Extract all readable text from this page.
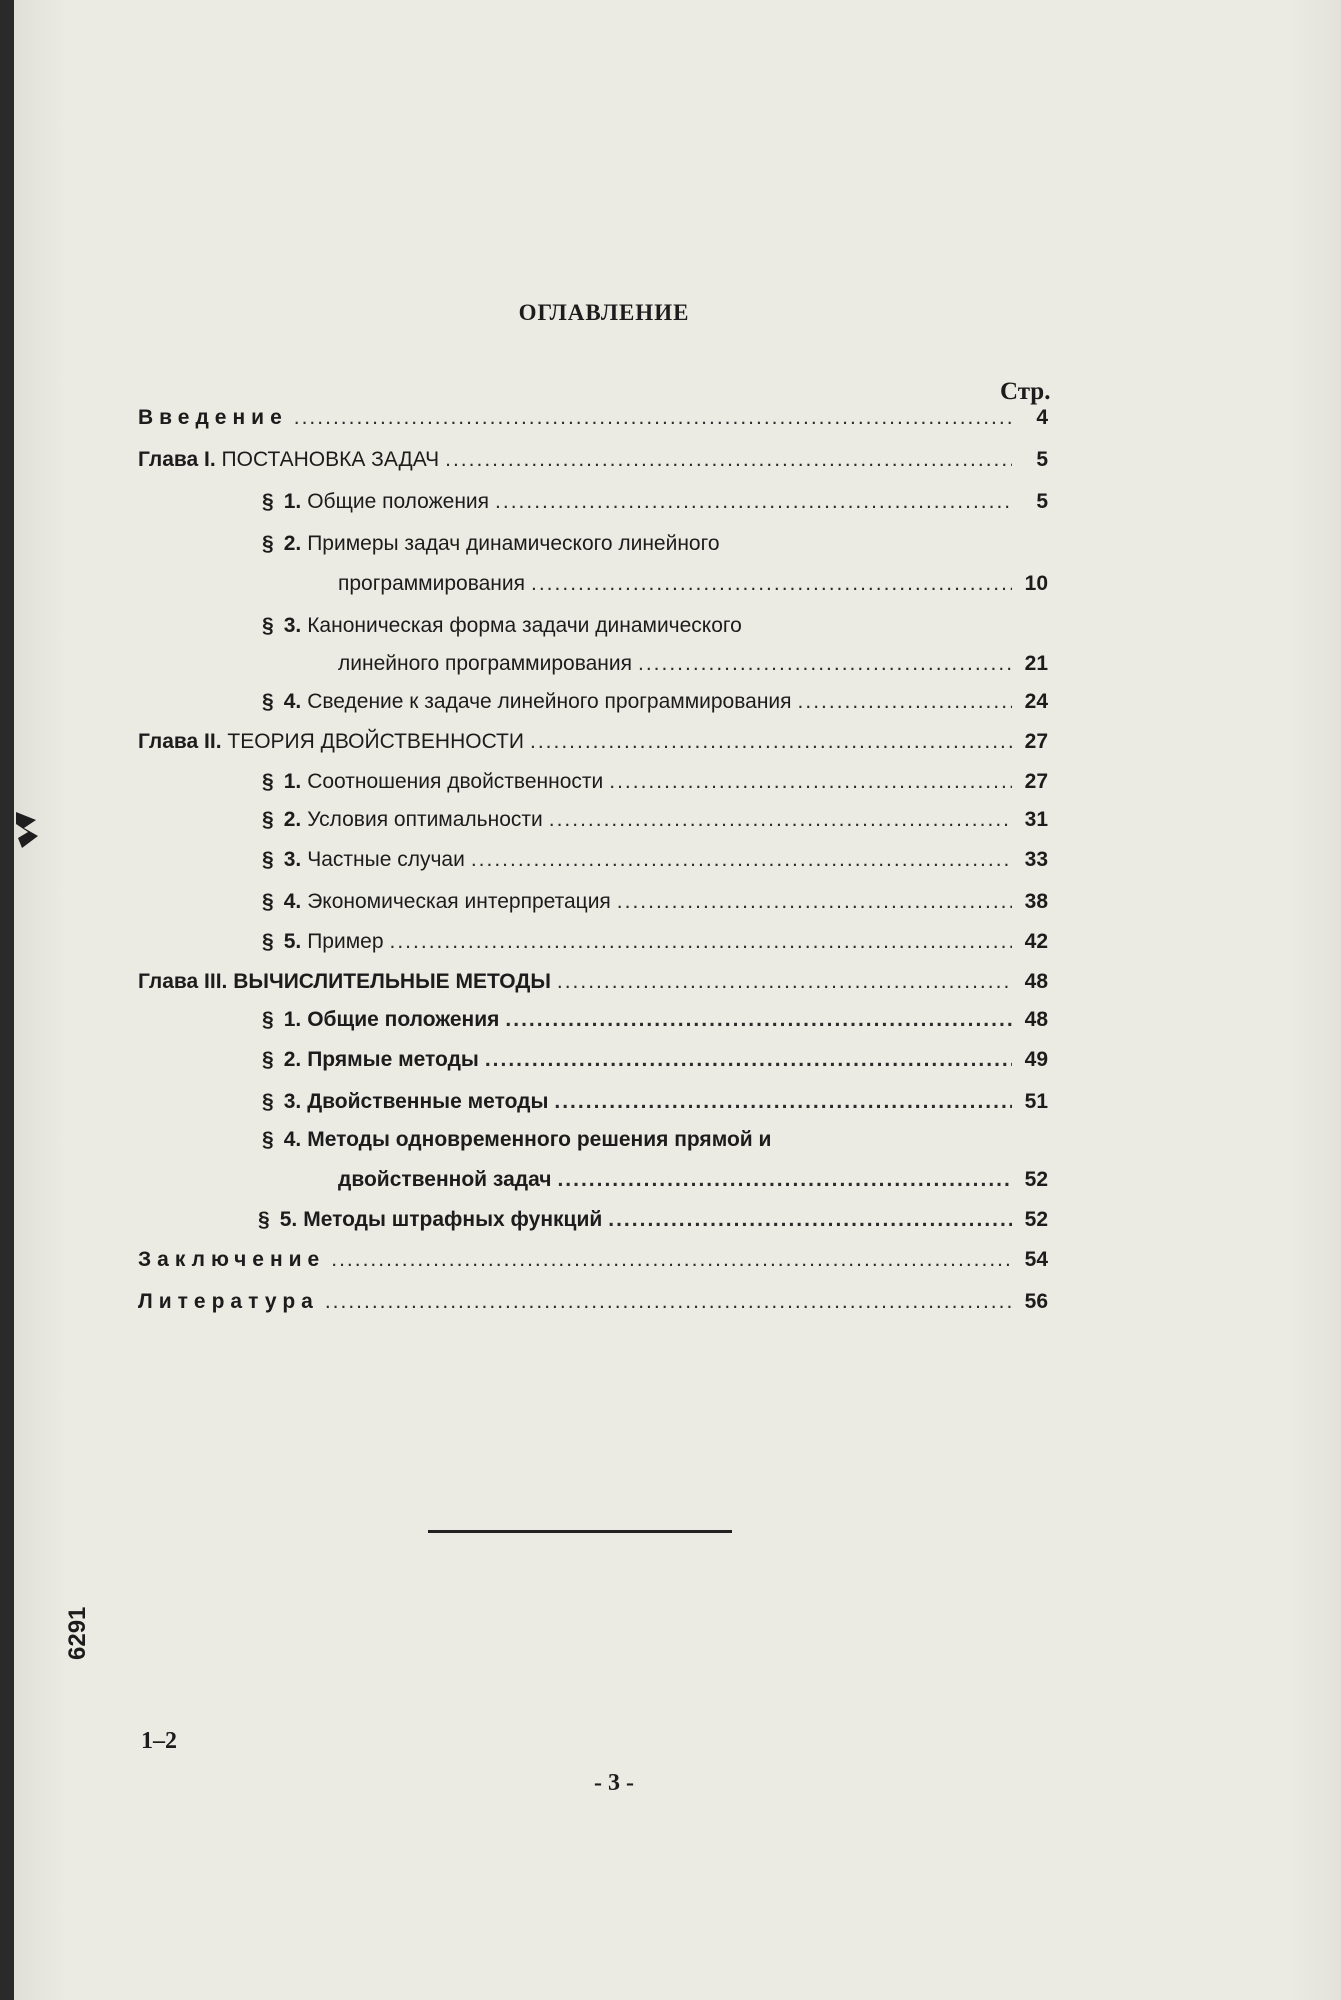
ОГЛАВЛЕНИЕ
Стр.
Введение .....	4
Глава I. ПОСТАНОВКА ЗАДАЧ .....	5
§ 1. Общие положения .....	5
§ 2. Примеры задач динамического линейного
программирования .....	10
§ 3. Каноническая форма задачи динамического
линейного программирования .....	21
§ 4. Сведение к задаче линейного программирования .....	24
Глава II. ТЕОРИЯ ДВОЙСТВЕННОСТИ .....	27
§ 1. Соотношения двойственности .....	27
§ 2. Условия оптимальности .....	31
§ 3. Частные случаи .....	33
§ 4. Экономическая интерпретация .....	38
§ 5. Пример .....	42
Глава III. ВЫЧИСЛИТЕЛЬНЫЕ МЕТОДЫ .....	48
§ 1. Общие положения .....	48
§ 2. Прямые методы .....	49
§ 3. Двойственные методы .....	51
§ 4. Методы одновременного решения прямой и
двойственной задач .....	52
§ 5. Методы штрафных функций .....	52
Заключение .....	54
Литература .....	56
6291
1–2
- 3 -
